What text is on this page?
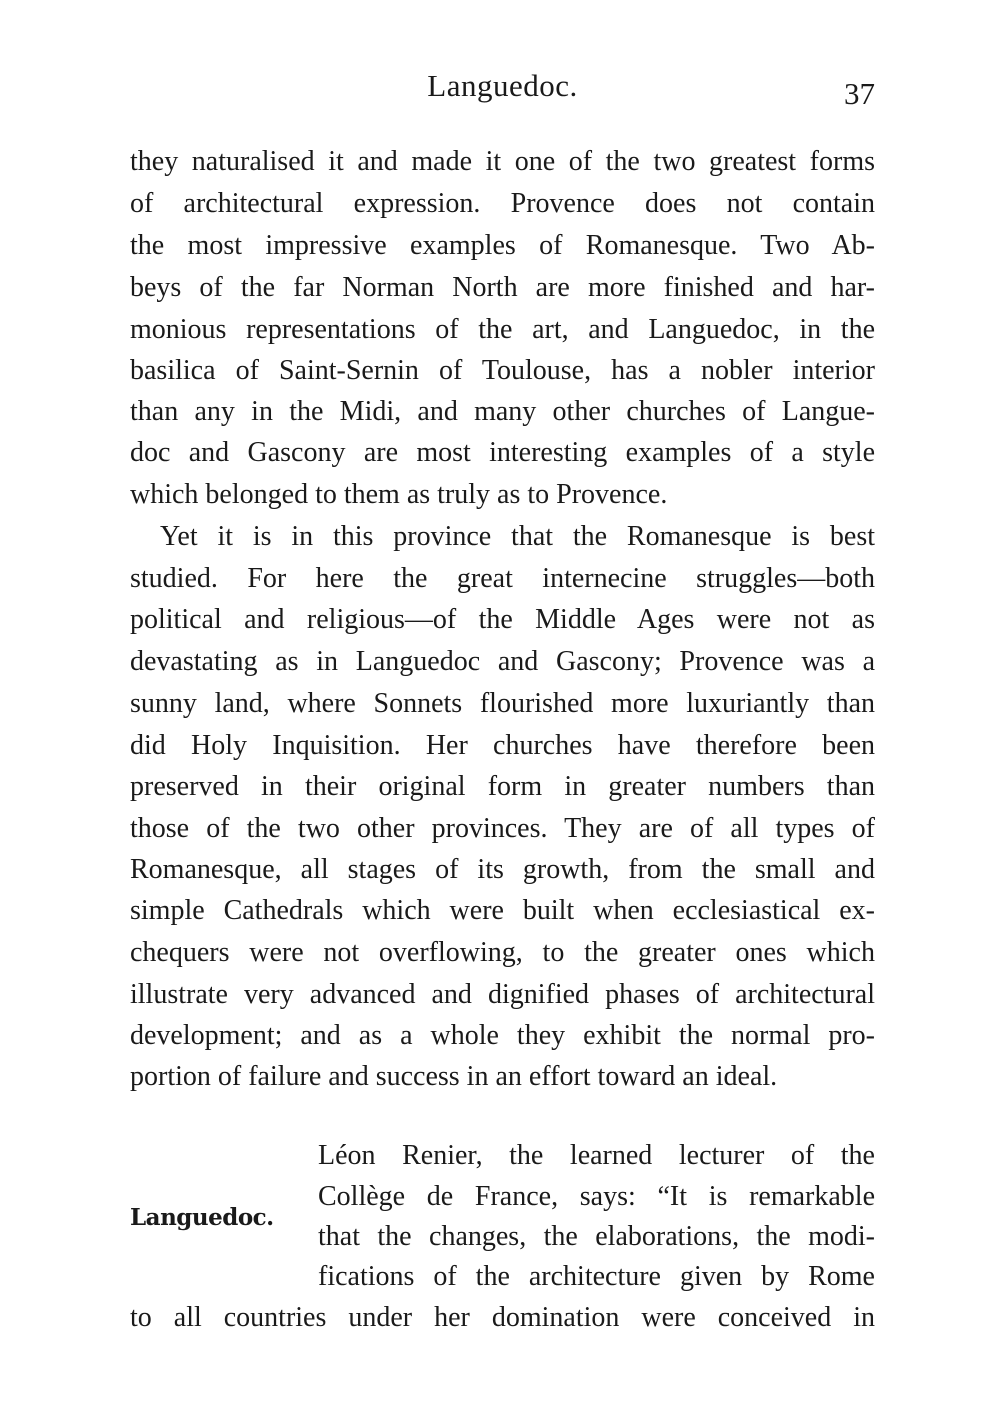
Languedoc.	37
they naturalised it and made it one of the two greatest forms
of architectural expression. Provence does not contain
the most impressive examples of Romanesque. Two Ab-
beys of the far Norman North are more finished and har-
monious representations of the art, and Languedoc, in the
basilica of Saint-Sernin of Toulouse, has a nobler interior
than any in the Midi, and many other churches of Langue-
doc and Gascony are most interesting examples of a style
which belonged to them as truly as to Provence.
Yet it is in this province that the Romanesque is best
studied. For here the great internecine struggles—both
political and religious—of the Middle Ages were not as
devastating as in Languedoc and Gascony; Provence was a
sunny land, where Sonnets flourished more luxuriantly than
did Holy Inquisition. Her churches have therefore been
preserved in their original form in greater numbers than
those of the two other provinces. They are of all types of
Romanesque, all stages of its growth, from the small and
simple Cathedrals which were built when ecclesiastical ex-
chequers were not overflowing, to the greater ones which
illustrate very advanced and dignified phases of architectural
development; and as a whole they exhibit the normal pro-
portion of failure and success in an effort toward an ideal.
Languedoc.
Léon Renier, the learned lecturer of the
Collège de France, says: “It is remarkable
that the changes, the elaborations, the modi-
fications of the architecture given by Rome
to all countries under her domination were conceived in
